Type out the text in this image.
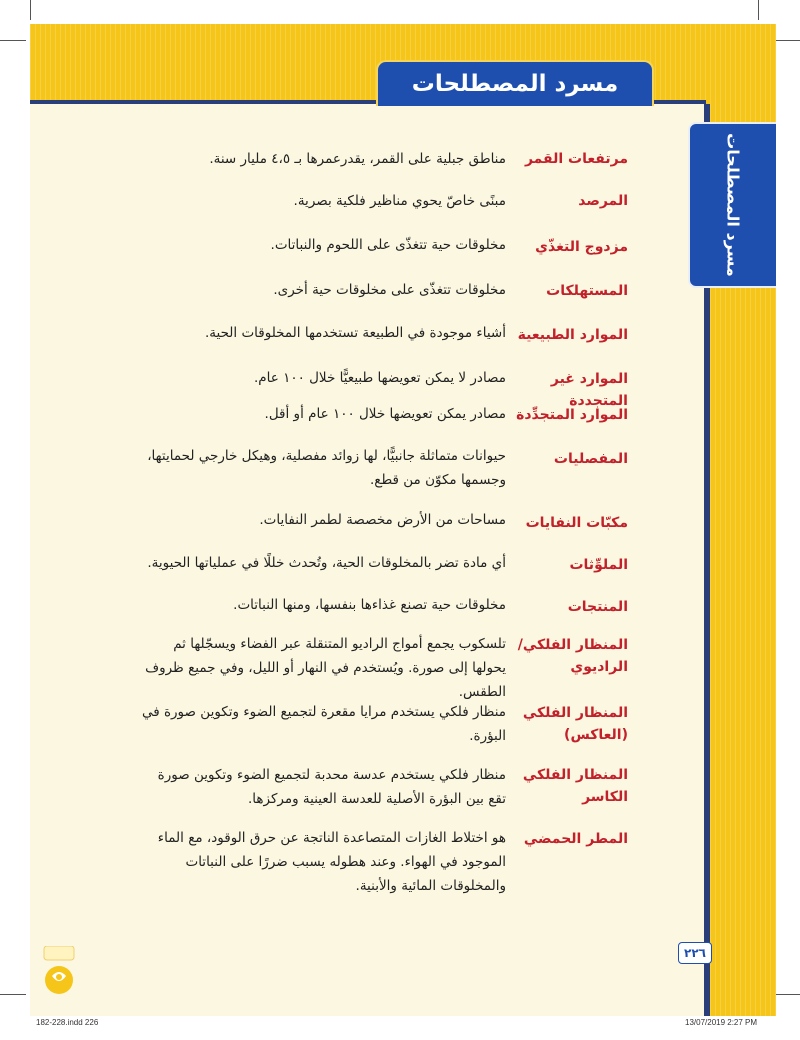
مسرد المصطلحات
مسرد المصطلحات
مرتفعات القمر
مناطق جبلية على القمر، يقدرعمرها بـ ٤،٥ مليار سنة.
المرصد
مبنًى خاصّ يحوي مناظير فلكية بصرية.
مزدوج التغذّي
مخلوقات حية تتغذّى على اللحوم والنباتات.
المستهلكات
مخلوقات تتغذّى على مخلوقات حية أخرى.
الموارد الطبيعية
أشياء موجودة في الطبيعة تستخدمها المخلوقات الحية.
الموارد غير المتجددة
مصادر لا يمكن تعويضها طبيعيًّا خلال ١٠٠ عام.
الموارد المتجدِّدة
مصادر يمكن تعويضها خلال ١٠٠ عام أو أقل.
المفصليات
حيوانات متماثلة جانبيًّا، لها زوائد مفصلية، وهيكل خارجي لحمايتها، وجسمها مكوّن من قطع.
مكبّات النفايات
مساحات من الأرض مخصصة لطمر النفايات.
الملوِّثات
أي مادة تضر بالمخلوقات الحية، وتُحدث خللًا في عملياتها الحيوية.
المنتجات
مخلوقات حية تصنع غذاءها بنفسها، ومنها النباتات.
المنظار الفلكي/ الراديوي
تلسكوب يجمع أمواج الراديو المتنقلة عبر الفضاء ويسجّلها ثم يحولها إلى صورة. ويُستخدم في النهار أو الليل، وفي جميع ظروف الطقس.
المنظار الفلكي (العاكس)
منظار فلكي يستخدم مرايا مقعرة لتجميع الضوء وتكوين صورة في البؤرة.
المنظار الفلكي الكاسر
منظار فلكي يستخدم عدسة محدبة لتجميع الضوء وتكوين صورة تقع بين البؤرة الأصلية للعدسة العينية ومركزها.
المطر الحمضي
هو اختلاط الغازات المتصاعدة الناتجة عن حرق الوقود، مع الماء الموجود في الهواء. وعند هطوله يسبب ضررًا على النباتات والمخلوقات المائية والأبنية.
٢٢٦
182-228.indd 226	13/07/2019 2:27 PM
